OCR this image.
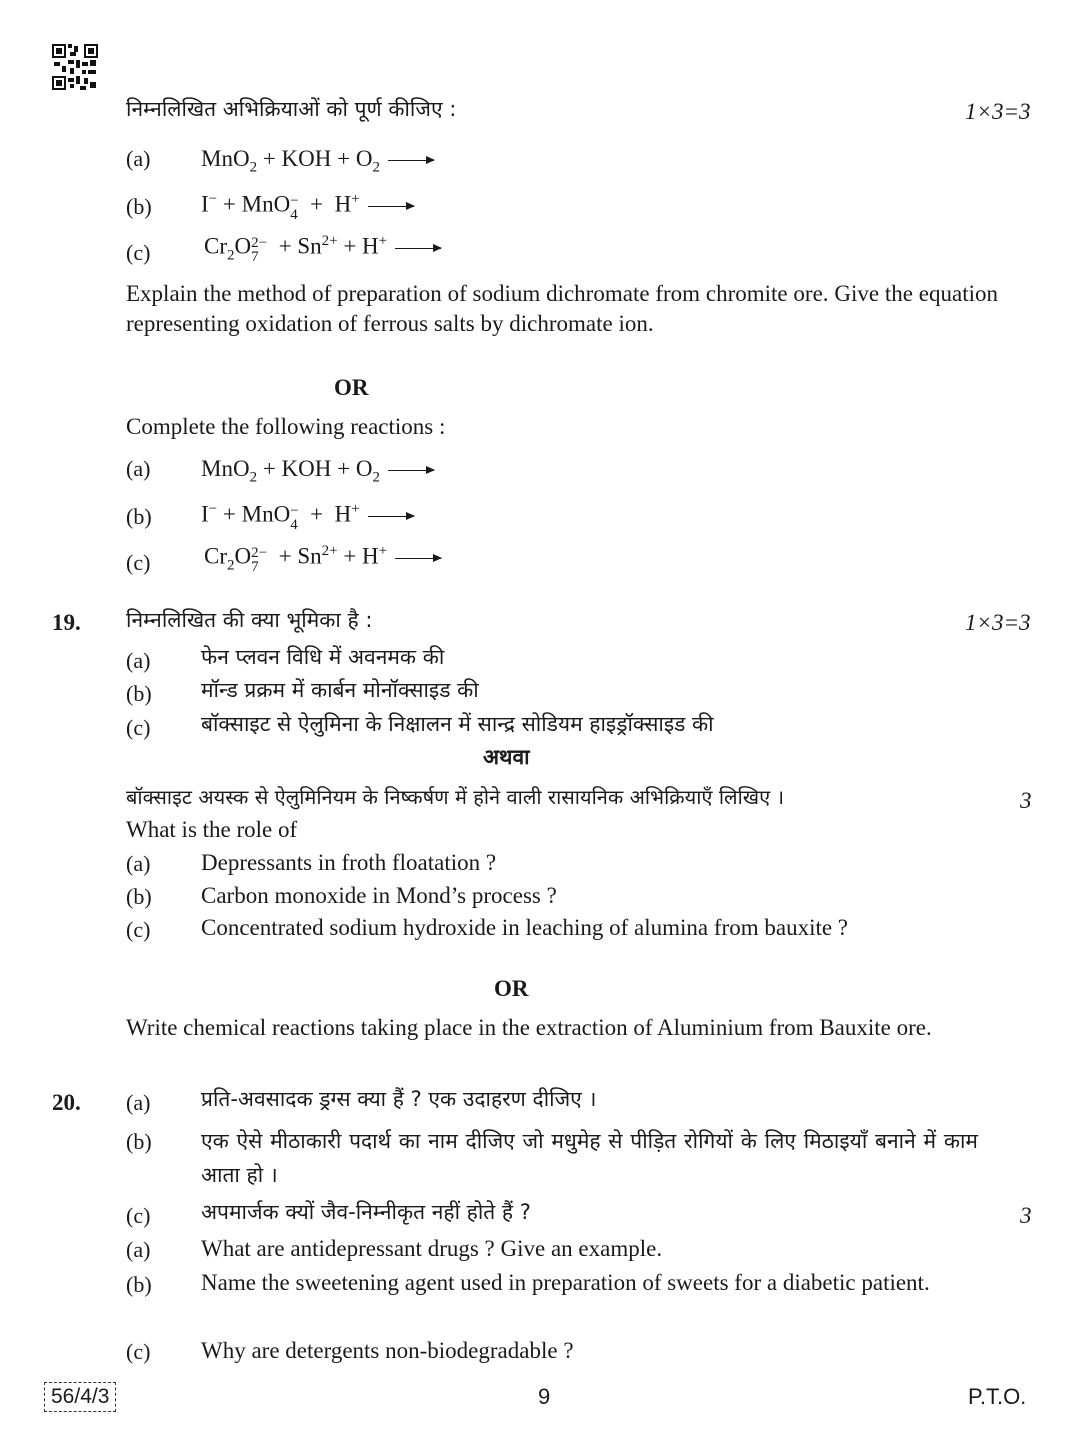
निम्नलिखित अभिक्रियाओं को पूर्ण कीजिए :	1×3=3
(a) MnO$_2$ + KOH + $O_2$
(b) I− + MnO −
4 +  H+
(c) $Cr_2O$ 2−
$7 + Sn^{2+} + H^+$
Explain the method of preparation of sodium dichromate from chromite ore. Give the equation representing oxidation of ferrous salts by dichromate ion.
OR
Complete the following reactions :
(a) MnO$_2$ + KOH + $O_2$
(b) I− + MnO −
4 +  H+
(c) $Cr_2O$ 2−
$7 + Sn^{2+} + H^+$
19. निम्नलिखित की क्या भूमिका है :	1×3=3
(a) फेन प्लवन विधि में अवनमक की
(b) मॉन्ड प्रक्रम में कार्बन मोनॉक्साइड की
(c) बॉक्साइट से ऐलुमिना के निक्षालन में सान्द्र सोडियम हाइड्रॉक्साइड की
अथवा
बॉक्साइट अयस्क से ऐलुमिनियम के निष्कर्षण में होने वाली रासायनिक अभिक्रियाएँ लिखिए ।	3
What is the role of
(a) Depressants in froth floatation ?
(b) Carbon monoxide in Mond’s process ?
(c) Concentrated sodium hydroxide in leaching of alumina from bauxite ?
OR
Write chemical reactions taking place in the extraction of Aluminium from Bauxite ore.
20. (a) प्रति-अवसादक ड्रग्स क्या हैं ? एक उदाहरण दीजिए ।
(b) एक ऐसे मीठाकारी पदार्थ का नाम दीजिए जो मधुमेह से पीड़ित रोगियों के लिए मिठाइयाँ बनाने में काम आता हो ।
(c) अपमार्जक क्यों जैव-निम्नीकृत नहीं होते हैं ?	3
(a) What are antidepressant drugs ? Give an example.
(b) Name the sweetening agent used in preparation of sweets for a diabetic patient.
(c) Why are detergents non-biodegradable ?
56/4/3	9	P.T.O.
